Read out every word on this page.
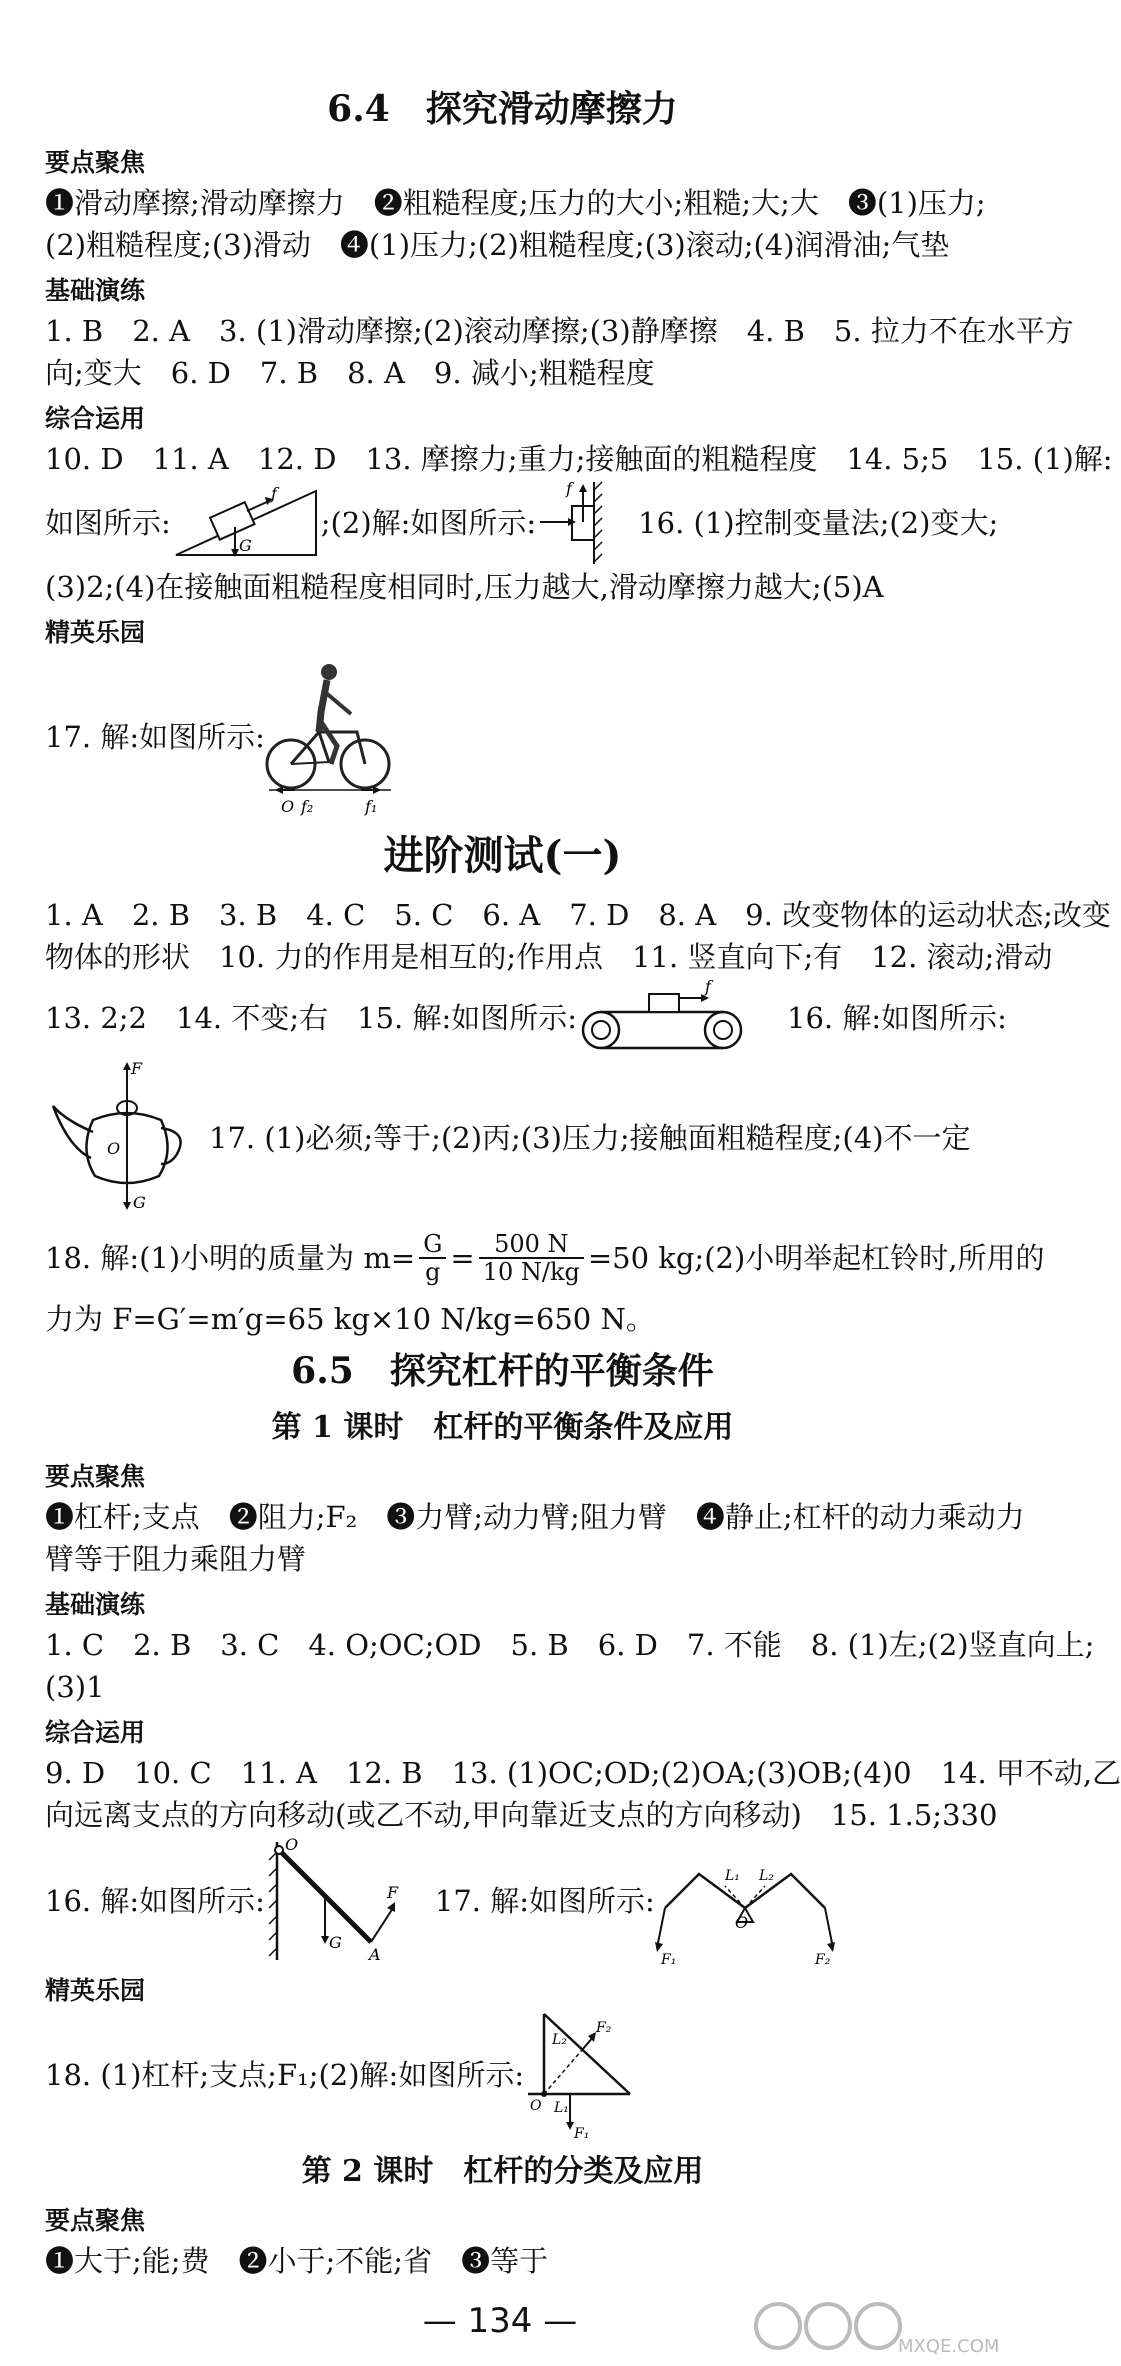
6.4　探究滑动摩擦力
要点聚焦
❶滑动摩擦;滑动摩擦力　❷粗糙程度;压力的大小;粗糙;大;大　❸(1)压力;
(2)粗糙程度;(3)滑动　❹(1)压力;(2)粗糙程度;(3)滚动;(4)润滑油;气垫
基础演练
1. B　2. A　3. (1)滑动摩擦;(2)滚动摩擦;(3)静摩擦　4. B　5. 拉力不在水平方
向;变大　6. D　7. B　8. A　9. 减小;粗糙程度
综合运用
10. D　11. A　12. D　13. 摩擦力;重力;接触面的粗糙程度　14. 5;5　15. (1)解:
如图所示:
f
G
;(2)解:如图所示:
f
16. (1)控制变量法;(2)变大;
(3)2;(4)在接触面粗糙程度相同时,压力越大,滑动摩擦力越大;(5)A
精英乐园
17. 解:如图所示:
O f₂	f₁
进阶测试(一)
1. A　2. B　3. B　4. C　5. C　6. A　7. D　8. A　9. 改变物体的运动状态;改变
物体的形状　10. 力的作用是相互的;作用点　11. 竖直向下;有　12. 滚动;滑动
13. 2;2　14. 不变;右　15. 解:如图所示:
f
16. 解:如图所示:
F
O
G
17. (1)必须;等于;(2)丙;(3)压力;接触面粗糙程度;(4)不一定
18. 解:(1)小明的质量为 $m= \frac{G}{g} = \frac{500 N}{10 N/kg} =50$ kg;(2)小明举起杠铃时,所用的
力为 F=G′=m′g=65 kg×10 N/kg=650 N。
6.5　探究杠杆的平衡条件
第 1 课时　杠杆的平衡条件及应用
要点聚焦
❶杠杆;支点　❷阻力;F₂　❸力臂;动力臂;阻力臂　❹静止;杠杆的动力乘动力
臂等于阻力乘阻力臂
基础演练
1. C　2. B　3. C　4. O;OC;OD　5. B　6. D　7. 不能　8. (1)左;(2)竖直向上;
(3)1
综合运用
9. D　10. C　11. A　12. B　13. (1)OC;OD;(2)OA;(3)OB;(4)0　14. 甲不动,乙
向远离支点的方向移动(或乙不动,甲向靠近支点的方向移动)　15. 1.5;330
16. 解:如图所示:
O
G
A
F 17. 解:如图所示:
O
L₁ L₂
F₁	F₂
精英乐园
18. (1)杠杆;支点;F₁;(2)解:如图所示:
O
L₂
F₂
L₁
F₁
第 2 课时　杠杆的分类及应用
要点聚焦
❶大于;能;费　❷小于;不能;省　❸等于
— 134 —
MXQE.COM
